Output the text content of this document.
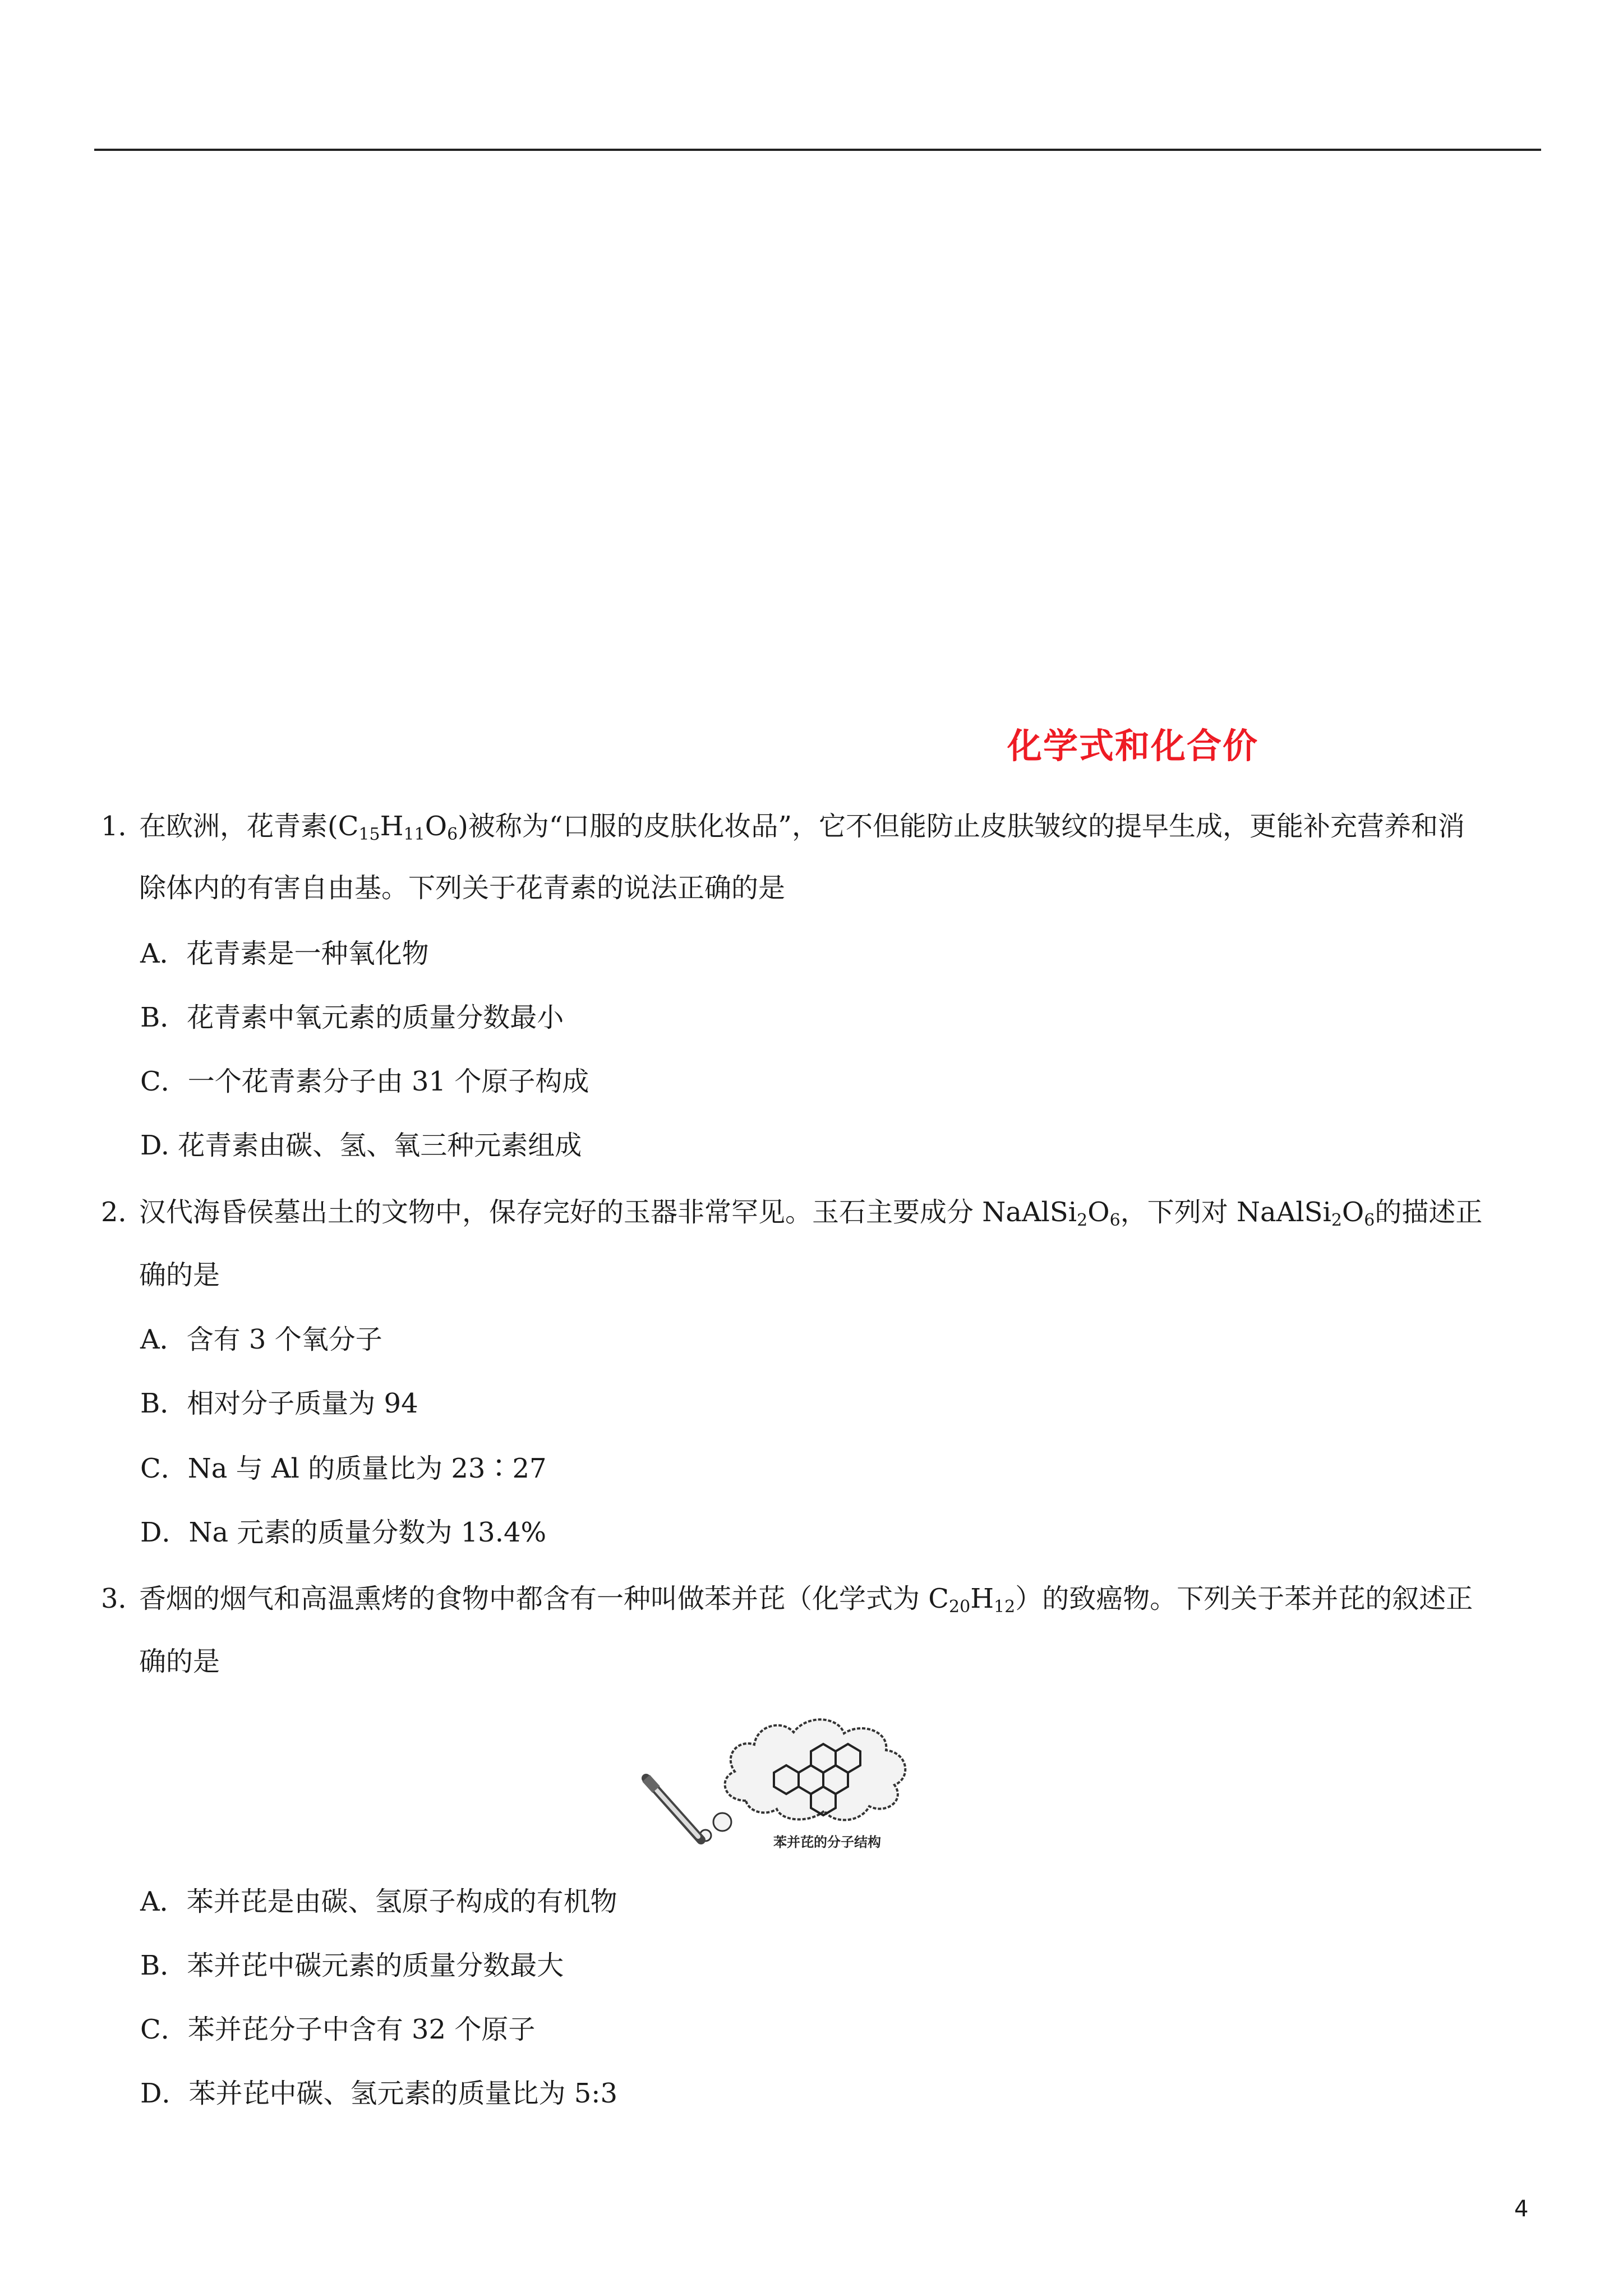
化学式和化合价
1．在欧洲，花青素$(C_{15}H_{11}O_6)$被称为“口服的皮肤化妆品”，它不但能防止皮肤皱纹的提早生成，更能补充营养和消
除体内的有害自由基。下列关于花青素的说法正确的是
A．花青素是一种氧化物
B．花青素中氧元素的质量分数最小
C．一个花青素分子由 31 个原子构成
D. 花青素由碳、氢、氧三种元素组成
2．汉代海昏侯墓出土的文物中，保存完好的玉器非常罕见。玉石主要成分 $NaAlSi_2O_6$，下列对 $NaAlSi_2O_6$的描述正
确的是
A．含有 3 个氧分子
B．相对分子质量为 94
C．Na 与 Al 的质量比为 23∶27
D．Na 元素的质量分数为 13.4%
3．香烟的烟气和高温熏烤的食物中都含有一种叫做苯并芘（化学式为 $C_{20}H_{12}$）的致癌物。下列关于苯并芘的叙述正
确的是
苯并芘的分子结构
A．苯并芘是由碳、氢原子构成的有机物
B．苯并芘中碳元素的质量分数最大
C．苯并芘分子中含有 32 个原子
D．苯并芘中碳、氢元素的质量比为 5:3
4
